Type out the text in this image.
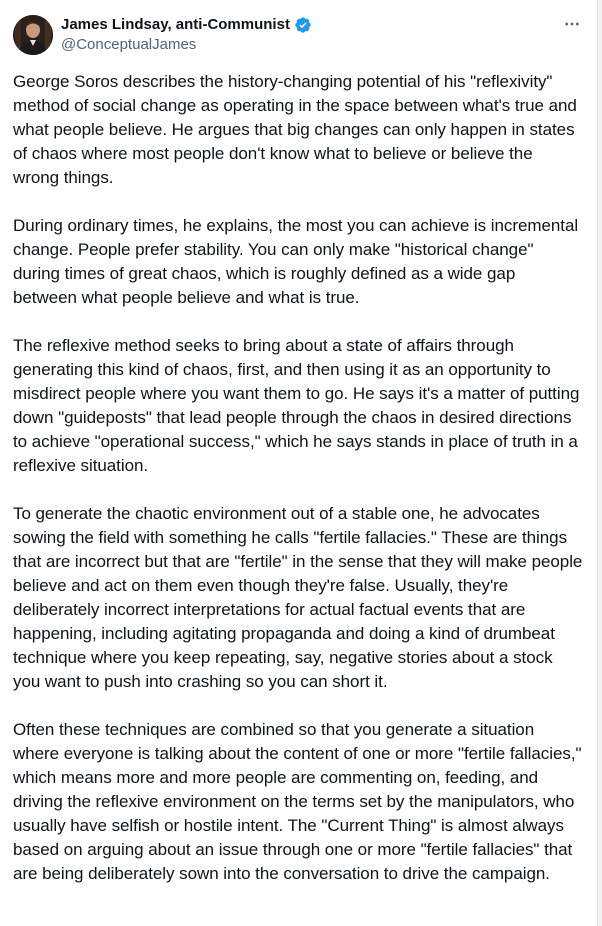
James Lindsay, anti-Communist
@ConceptualJames

George Soros describes the history-changing potential of his "reflexivity" method of social change as operating in the space between what's true and what people believe. He argues that big changes can only happen in states of chaos where most people don't know what to believe or believe the wrong things.

During ordinary times, he explains, the most you can achieve is incremental change. People prefer stability. You can only make "historical change" during times of great chaos, which is roughly defined as a wide gap between what people believe and what is true.

The reflexive method seeks to bring about a state of affairs through generating this kind of chaos, first, and then using it as an opportunity to misdirect people where you want them to go. He says it's a matter of putting down "guideposts" that lead people through the chaos in desired directions to achieve "operational success," which he says stands in place of truth in a reflexive situation.

To generate the chaotic environment out of a stable one, he advocates sowing the field with something he calls "fertile fallacies." These are things that are incorrect but that are "fertile" in the sense that they will make people believe and act on them even though they're false. Usually, they're deliberately incorrect interpretations for actual factual events that are happening, including agitating propaganda and doing a kind of drumbeat technique where you keep repeating, say, negative stories about a stock you want to push into crashing so you can short it.

Often these techniques are combined so that you generate a situation where everyone is talking about the content of one or more "fertile fallacies," which means more and more people are commenting on, feeding, and driving the reflexive environment on the terms set by the manipulators, who usually have selfish or hostile intent. The "Current Thing" is almost always based on arguing about an issue through one or more "fertile fallacies" that are being deliberately sown into the conversation to drive the campaign.
